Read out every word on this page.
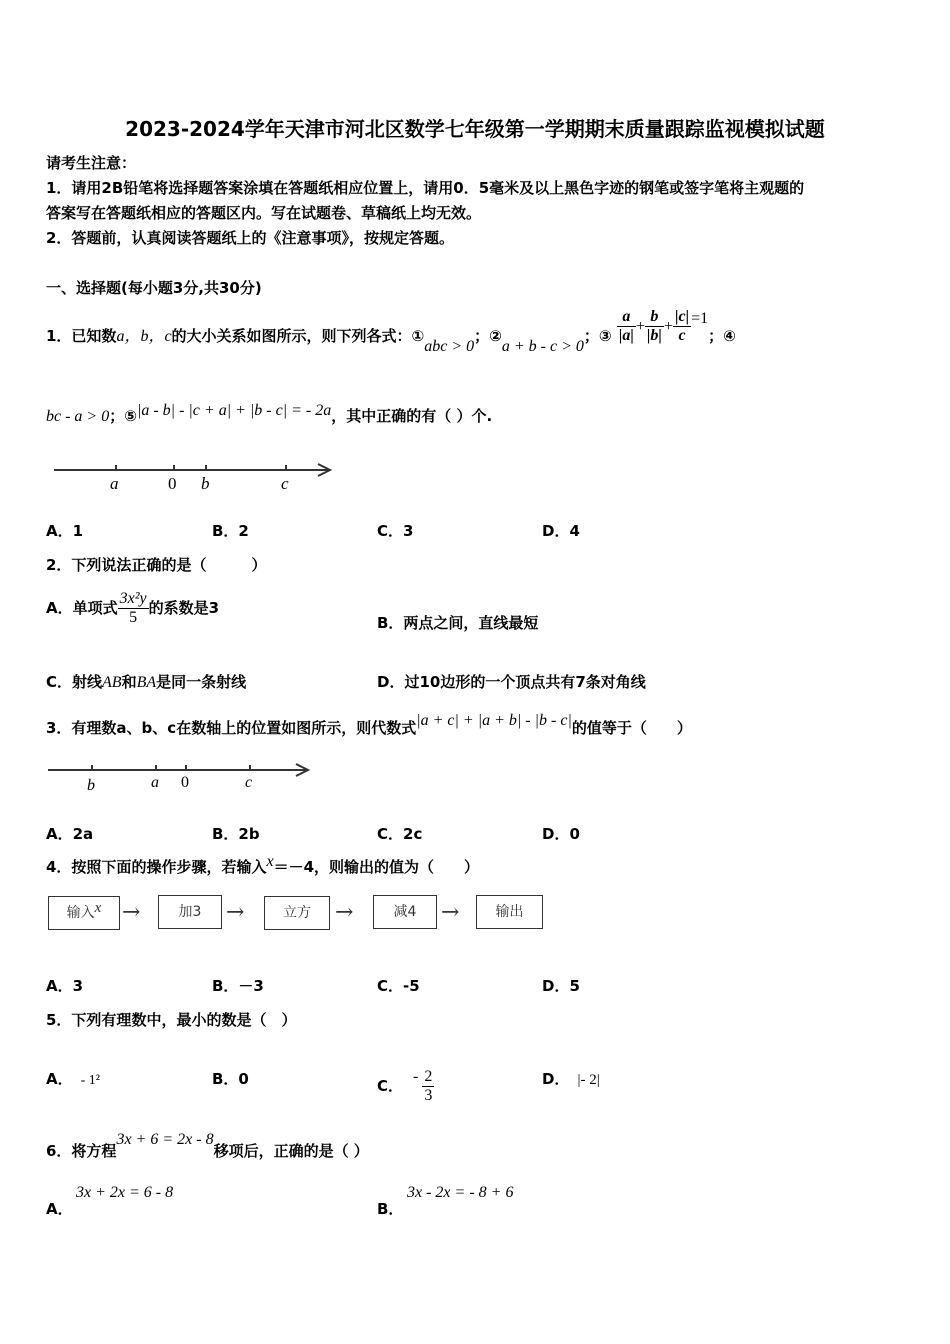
2023-2024学年天津市河北区数学七年级第一学期期末质量跟踪监视模拟试题
请考生注意：
1．请用2B铅笔将选择题答案涂填在答题纸相应位置上，请用0．5毫米及以上黑色字迹的钢笔或签字笔将主观题的
答案写在答题纸相应的答题区内。写在试题卷、草稿纸上均无效。
2．答题前，认真阅读答题纸上的《注意事项》，按规定答题。
一、选择题(每小题3分,共30分)
1．已知数a，b，c的大小关系如图所示，则下列各式：①abc > 0；②a + b - c > 0；③ $\frac{a}{|a|} + \frac{b}{|b|} + \frac{|c|}{c} =1$；④
bc - a > 0；⑤|a - b| - |c + a| + |b - c| = - 2a，其中正确的有（ ）个.
a	0 b	c
A．1	B．2	C．3	D．4
2．下列说法正确的是（　　　）
A．单项式 $\frac{\text{3x²y}}{5}$ 的系数是3
B．两点之间，直线最短
C．射线AB和BA是同一条射线	D．过10边形的一个顶点共有7条对角线
3．有理数a、b、c在数轴上的位置如图所示，则代数式|a + c| + |a + b| - |b - c|的值等于（　　）
b	a 0	c
A．2a	B．2b	C．2c	D．0
4．按照下面的操作步骤，若输入x＝－4，则输出的值为（　　）
输入x →	加3	→	立方	→	减4	→	输出
A．3	B．－3	C．-5	D．5
5．下列有理数中，最小的数是（　）
A． - 1²	B．0	C．- $\frac{2}{3}$	D． |- 2|
6．将方程3x + 6 = 2x - 8移项后，正确的是（ ）
A．
3x + 2x = 6 - 8
B．
3x - 2x = - 8 + 6
